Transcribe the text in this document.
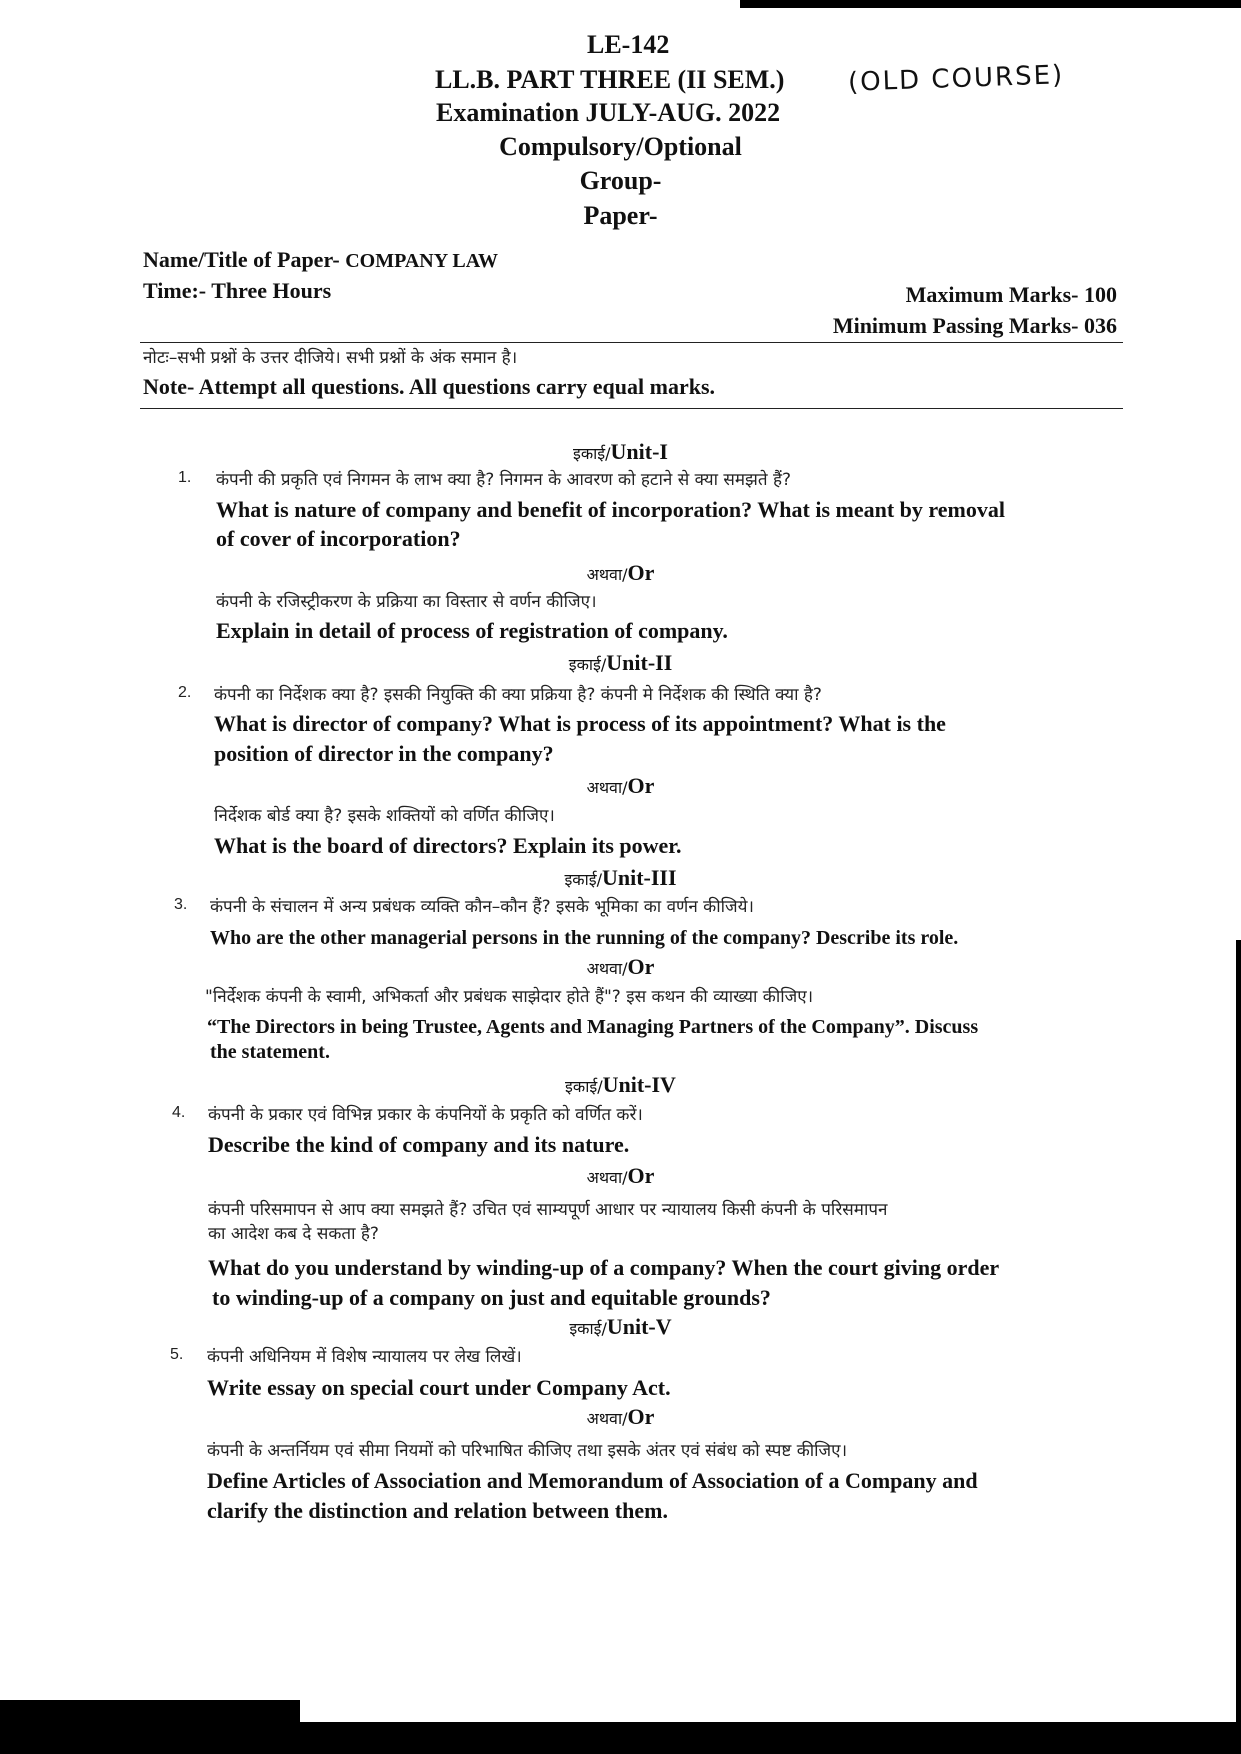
LE-142
LL.B. PART THREE (II SEM.) (OLD COURSE)
Examination JULY-AUG. 2022
Compulsory/Optional
Group-
Paper-
Name/Title of Paper- COMPANY LAW
Time:- Three Hours	Maximum Marks- 100
Minimum Passing Marks- 036
नोटः–सभी प्रश्नों के उत्तर दीजिये। सभी प्रश्नों के अंक समान है।
Note- Attempt all questions. All questions carry equal marks.
इकाई/Unit-I
1. कंपनी की प्रकृति एवं निगमन के लाभ क्या है? निगमन के आवरण को हटाने से क्या समझते हैं?
What is nature of company and benefit of incorporation? What is meant by removal
of cover of incorporation?
अथवा/Or
कंपनी के रजिस्ट्रीकरण के प्रक्रिया का विस्तार से वर्णन कीजिए।
Explain in detail of process of registration of company.
इकाई/Unit-II
2. कंपनी का निर्देशक क्या है? इसकी नियुक्ति की क्या प्रक्रिया है? कंपनी मे निर्देशक की स्थिति क्या है?
What is director of company? What is process of its appointment? What is the
position of director in the company?
अथवा/Or
निर्देशक बोर्ड क्या है? इसके शक्तियों को वर्णित कीजिए।
What is the board of directors? Explain its power.
इकाई/Unit-III
3. कंपनी के संचालन में अन्य प्रबंधक व्यक्ति कौन–कौन हैं? इसके भूमिका का वर्णन कीजिये।
Who are the other managerial persons in the running of the company? Describe its role.
अथवा/Or
"निर्देशक कंपनी के स्वामी, अभिकर्ता और प्रबंधक साझेदार होते हैं"? इस कथन की व्याख्या कीजिए।
“The Directors in being Trustee, Agents and Managing Partners of the Company”. Discuss
the statement.
इकाई/Unit-IV
4. कंपनी के प्रकार एवं विभिन्न प्रकार के कंपनियों के प्रकृति को वर्णित करें।
Describe the kind of company and its nature.
अथवा/Or
कंपनी परिसमापन से आप क्या समझते हैं? उचित एवं साम्यपूर्ण आधार पर न्यायालय किसी कंपनी के परिसमापन
का आदेश कब दे सकता है?
What do you understand by winding-up of a company? When the court giving order
to winding-up of a company on just and equitable grounds?
इकाई/Unit-V
5. कंपनी अधिनियम में विशेष न्यायालय पर लेख लिखें।
Write essay on special court under Company Act.
अथवा/Or
कंपनी के अन्तर्नियम एवं सीमा नियमों को परिभाषित कीजिए तथा इसके अंतर एवं संबंध को स्पष्ट कीजिए।
Define Articles of Association and Memorandum of Association of a Company and
clarify the distinction and relation between them.
